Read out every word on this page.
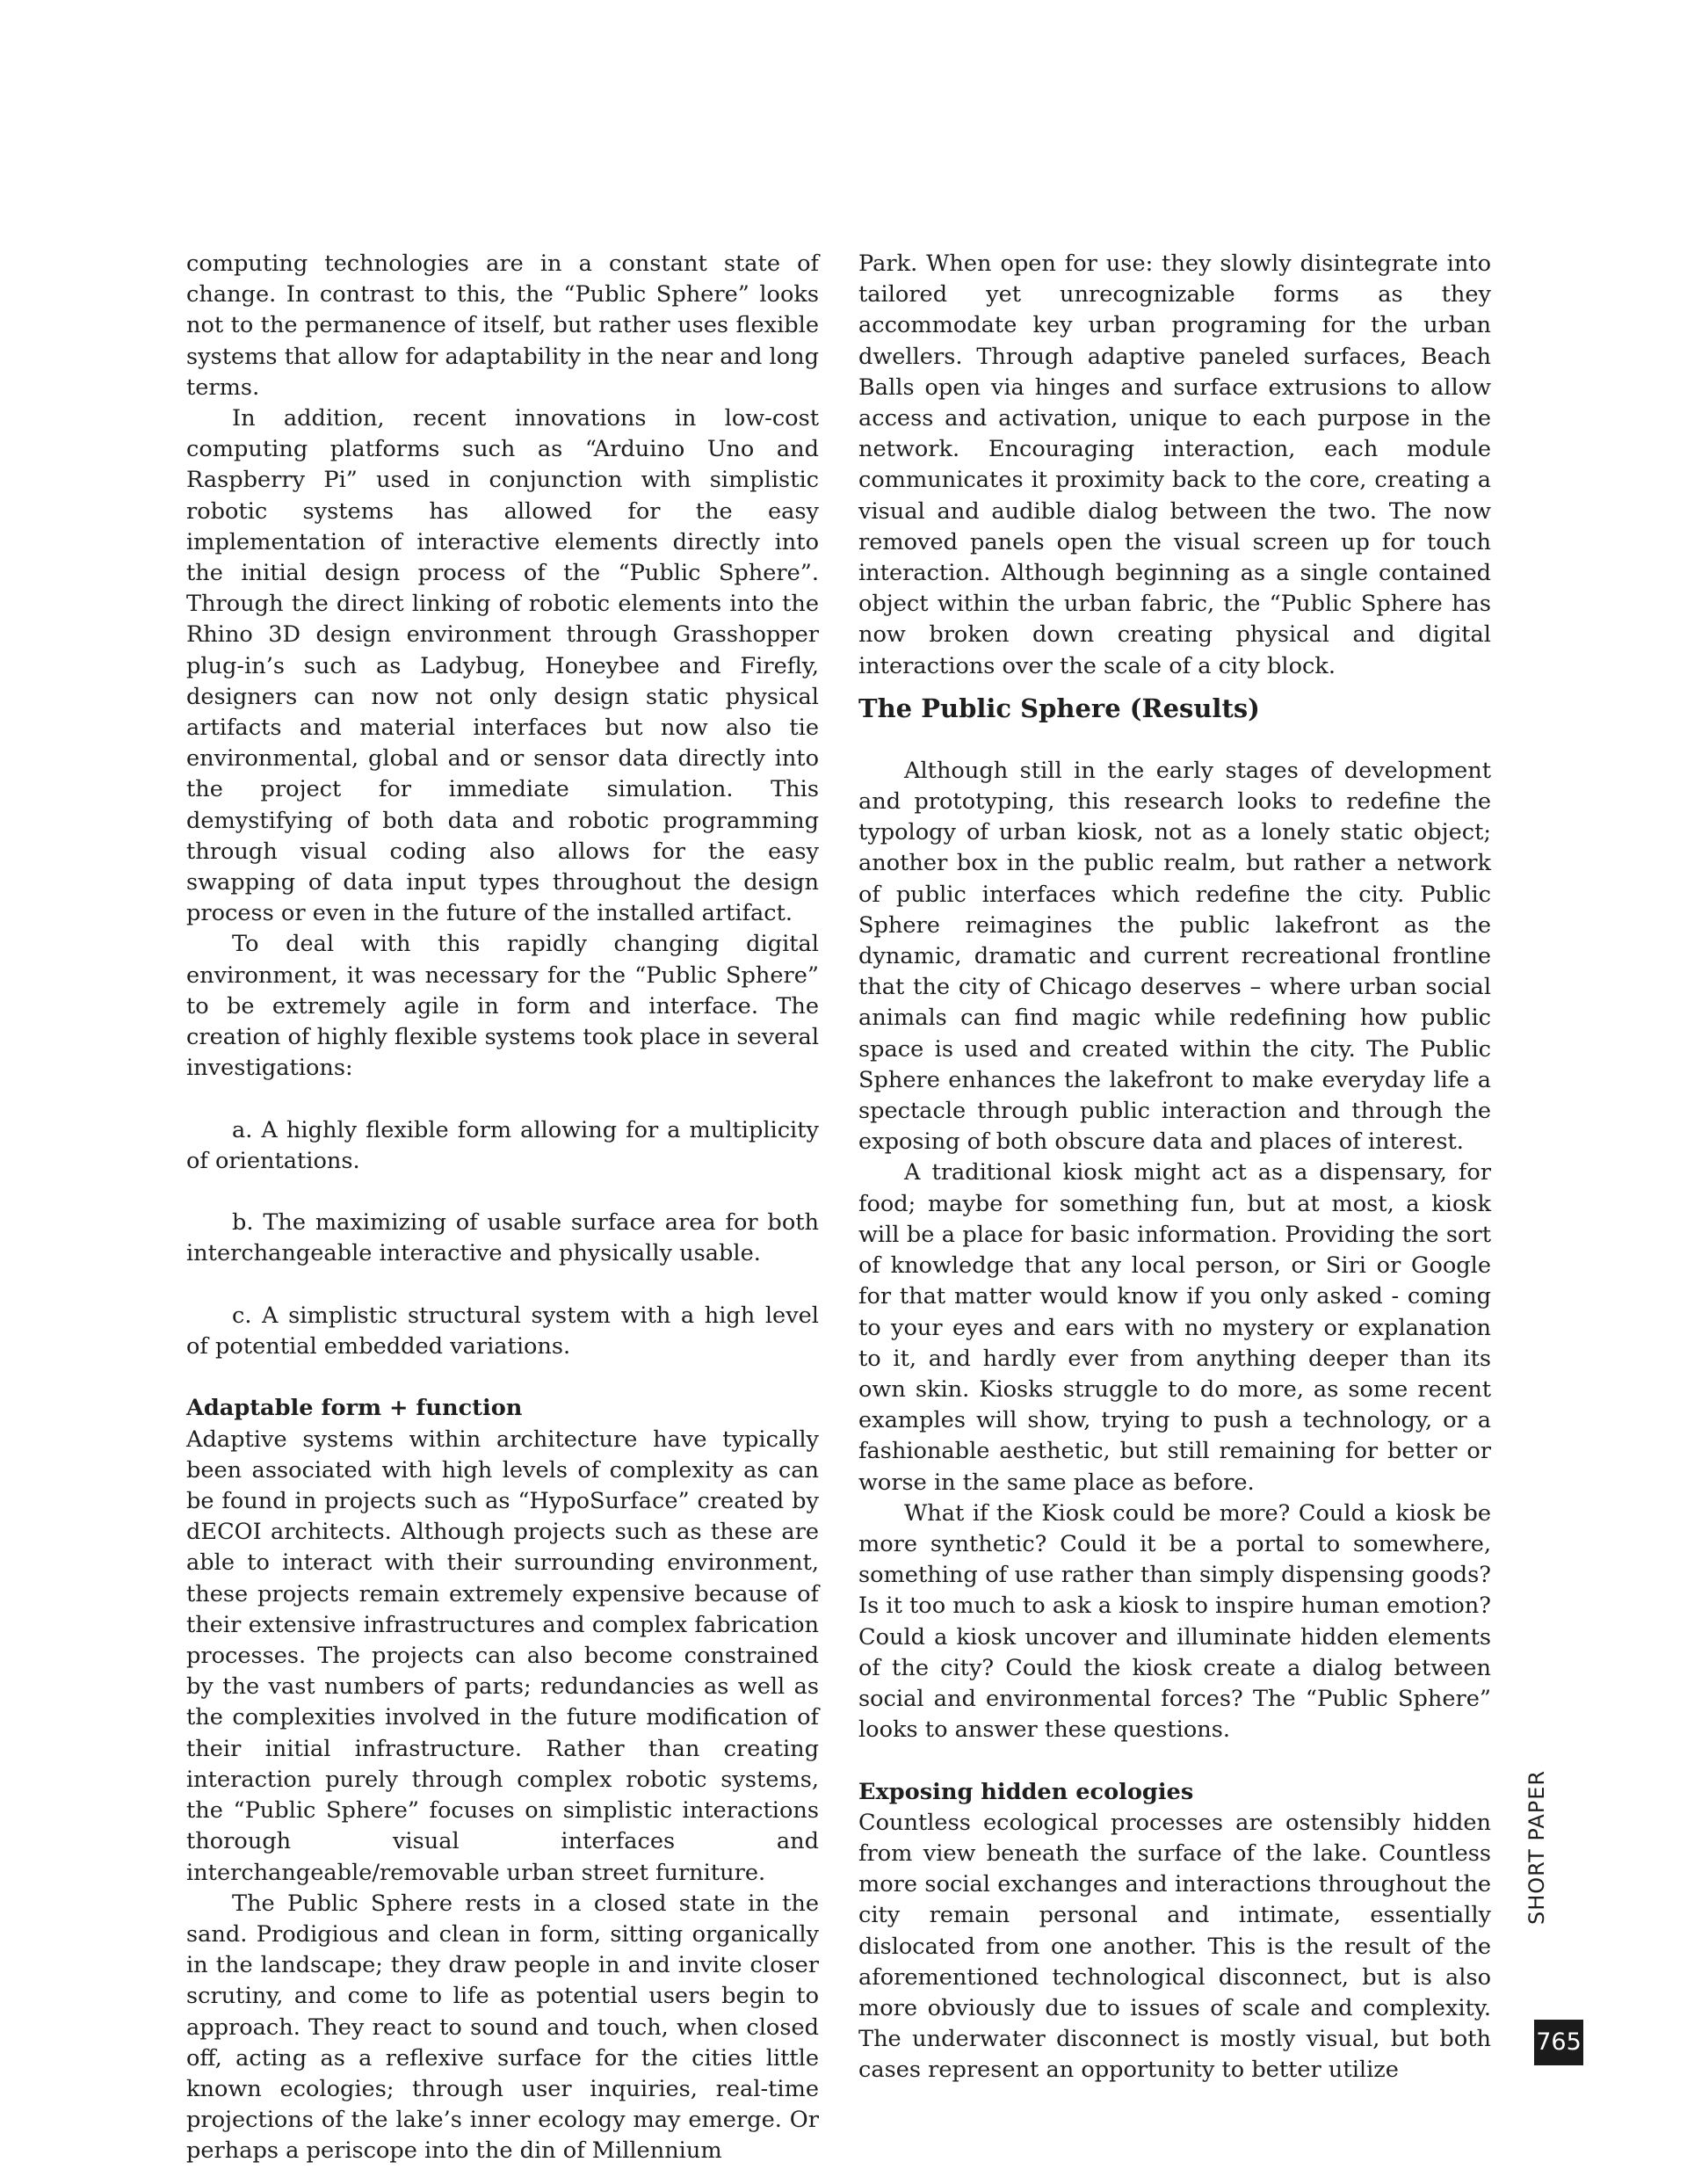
computing technologies are in a constant state of change. In contrast to this, the “Public Sphere” looks not to the permanence of itself, but rather uses flexible systems that allow for adaptability in the near and long terms.

In addition, recent innovations in low-cost computing platforms such as “Arduino Uno and Raspberry Pi” used in conjunction with simplistic robotic systems has allowed for the easy implementation of interactive elements directly into the initial design process of the “Public Sphere”. Through the direct linking of robotic elements into the Rhino 3D design environment through Grasshopper plug-in’s such as Ladybug, Honeybee and Firefly, designers can now not only design static physical artifacts and material interfaces but now also tie environmental, global and or sensor data directly into the project for immediate simulation. This demystifying of both data and robotic programming through visual coding also allows for the easy swapping of data input types throughout the design process or even in the future of the installed artifact.

To deal with this rapidly changing digital environment, it was necessary for the “Public Sphere” to be extremely agile in form and interface. The creation of highly flexible systems took place in several investigations:

a. A highly flexible form allowing for a multiplicity of orientations.

b. The maximizing of usable surface area for both interchangeable interactive and physically usable.

c. A simplistic structural system with a high level of potential embedded variations.

Adaptable form + function

Adaptive systems within architecture have typically been associated with high levels of complexity as can be found in projects such as “HypoSurface” created by dECOI architects. Although projects such as these are able to interact with their surrounding environment, these projects remain extremely expensive because of their extensive infrastructures and complex fabrication processes. The projects can also become constrained by the vast numbers of parts; redundancies as well as the complexities involved in the future modification of their initial infrastructure. Rather than creating interaction purely through complex robotic systems, the “Public Sphere” focuses on simplistic interactions thorough visual interfaces and interchangeable/removable urban street furniture.

The Public Sphere rests in a closed state in the sand. Prodigious and clean in form, sitting organically in the landscape; they draw people in and invite closer scrutiny, and come to life as potential users begin to approach. They react to sound and touch, when closed off, acting as a reflexive surface for the cities little known ecologies; through user inquiries, real-time projections of the lake’s inner ecology may emerge. Or perhaps a periscope into the din of Millennium

Park. When open for use: they slowly disintegrate into tailored yet unrecognizable forms as they accommodate key urban programing for the urban dwellers. Through adaptive paneled surfaces, Beach Balls open via hinges and surface extrusions to allow access and activation, unique to each purpose in the network. Encouraging interaction, each module communicates it proximity back to the core, creating a visual and audible dialog between the two. The now removed panels open the visual screen up for touch interaction. Although beginning as a single contained object within the urban fabric, the “Public Sphere has now broken down creating physical and digital interactions over the scale of a city block.

The Public Sphere (Results)

Although still in the early stages of development and prototyping, this research looks to redefine the typology of urban kiosk, not as a lonely static object; another box in the public realm, but rather a network of public interfaces which redefine the city. Public Sphere reimagines the public lakefront as the dynamic, dramatic and current recreational frontline that the city of Chicago deserves – where urban social animals can find magic while redefining how public space is used and created within the city. The Public Sphere enhances the lakefront to make everyday life a spectacle through public interaction and through the exposing of both obscure data and places of interest.

A traditional kiosk might act as a dispensary, for food; maybe for something fun, but at most, a kiosk will be a place for basic information. Providing the sort of knowledge that any local person, or Siri or Google for that matter would know if you only asked - coming to your eyes and ears with no mystery or explanation to it, and hardly ever from anything deeper than its own skin. Kiosks struggle to do more, as some recent examples will show, trying to push a technology, or a fashionable aesthetic, but still remaining for better or worse in the same place as before.

What if the Kiosk could be more? Could a kiosk be more synthetic? Could it be a portal to somewhere, something of use rather than simply dispensing goods? Is it too much to ask a kiosk to inspire human emotion? Could a kiosk uncover and illuminate hidden elements of the city? Could the kiosk create a dialog between social and environmental forces? The “Public Sphere” looks to answer these questions.

Exposing hidden ecologies

Countless ecological processes are ostensibly hidden from view beneath the surface of the lake. Countless more social exchanges and interactions throughout the city remain personal and intimate, essentially dislocated from one another. This is the result of the aforementioned technological disconnect, but is also more obviously due to issues of scale and complexity. The underwater disconnect is mostly visual, but both cases represent an opportunity to better utilize

SHORT PAPER
765
